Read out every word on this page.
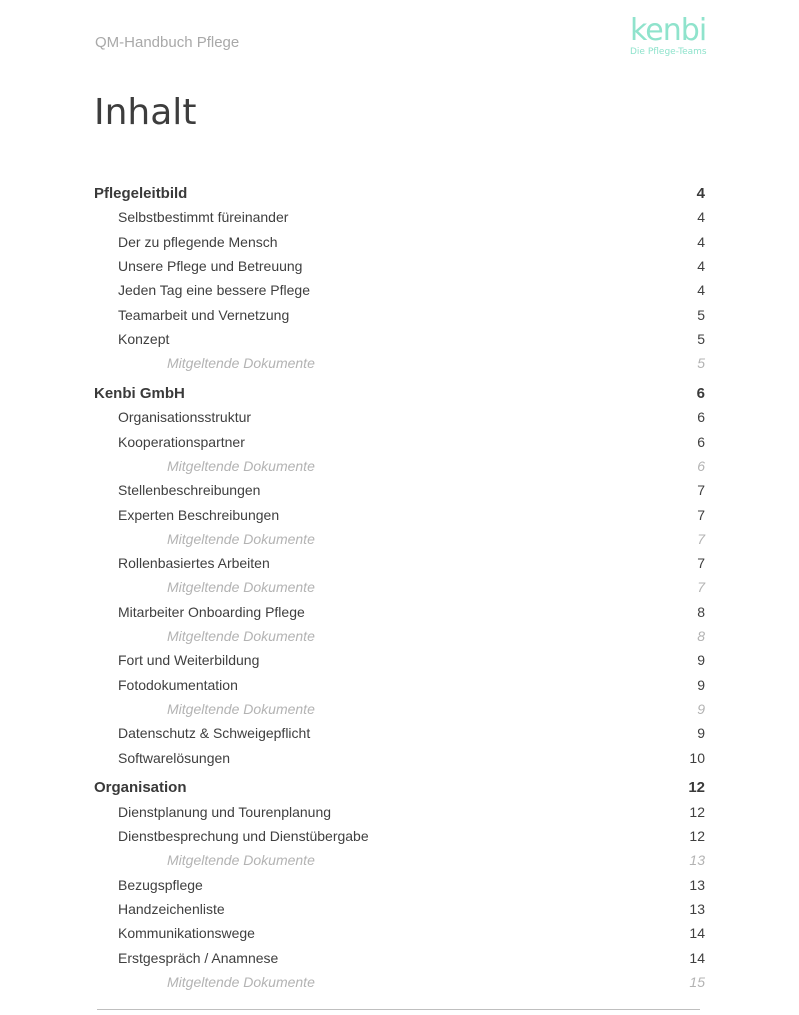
QM-Handbuch Pflege	kenbi
Die Pflege-Teams
Inhalt
Pflegeleitbild	4
Selbstbestimmt füreinander	4
Der zu pflegende Mensch	4
Unsere Pflege und Betreuung	4
Jeden Tag eine bessere Pflege	4
Teamarbeit und Vernetzung	5
Konzept	5
Mitgeltende Dokumente	5
Kenbi GmbH	6
Organisationsstruktur	6
Kooperationspartner	6
Mitgeltende Dokumente	6
Stellenbeschreibungen	7
Experten Beschreibungen	7
Mitgeltende Dokumente	7
Rollenbasiertes Arbeiten	7
Mitgeltende Dokumente	7
Mitarbeiter Onboarding Pflege	8
Mitgeltende Dokumente	8
Fort und Weiterbildung	9
Fotodokumentation	9
Mitgeltende Dokumente	9
Datenschutz & Schweigepflicht	9
Softwarelösungen	10
Organisation	12
Dienstplanung und Tourenplanung	12
Dienstbesprechung und Dienstübergabe	12
Mitgeltende Dokumente	13
Bezugspflege	13
Handzeichenliste	13
Kommunikationswege	14
Erstgespräch / Anamnese	14
Mitgeltende Dokumente	15
